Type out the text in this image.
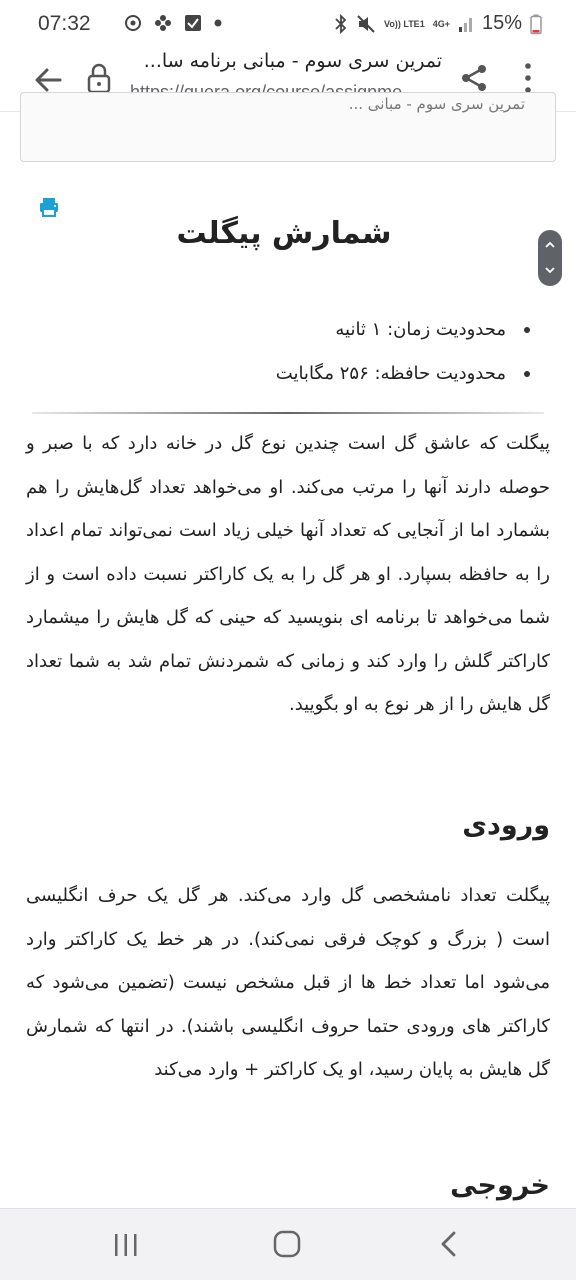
07:32	Vo)) LTE1 4G+ 15%
تمرین سری سوم - مبانی برنامه سا...
تمرین سری سوم - مبانی ...
شمارش پیگلت
محدودیت زمان: ۱ ثانیه
محدودیت حافظه: ۲۵۶ مگابایت

پیگلت که عاشق گل است چندین نوع گل در خانه دارد که با صبر و حوصله دارند آنها را مرتب می‌کند. او می‌خواهد تعداد گل‌هایش را هم بشمارد اما از آنجایی که تعداد آنها خیلی زیاد است نمی‌تواند تمام اعداد را به حافظه بسپارد. او هر گل را به یک کاراکتر نسبت داده است و از شما می‌خواهد تا برنامه ای بنویسید که حینی که گل هایش را میشمارد کاراکتر گلش را وارد کند و زمانی که شمردنش تمام شد به شما تعداد گل هایش را از هر نوع به او بگویید.

ورودی

پیگلت تعداد نامشخصی گل وارد می‌کند. هر گل یک حرف انگلیسی است ( بزرگ و کوچک فرقی نمی‌کند). در هر خط یک کاراکتر وارد می‌شود اما تعداد خط ها از قبل مشخص نیست (تضمین می‌شود که کاراکتر های ورودی حتما حروف انگلیسی باشند). در انتها که شمارش گل هایش به پایان رسید، او یک کاراکتر + وارد می‌کند

خروجی
